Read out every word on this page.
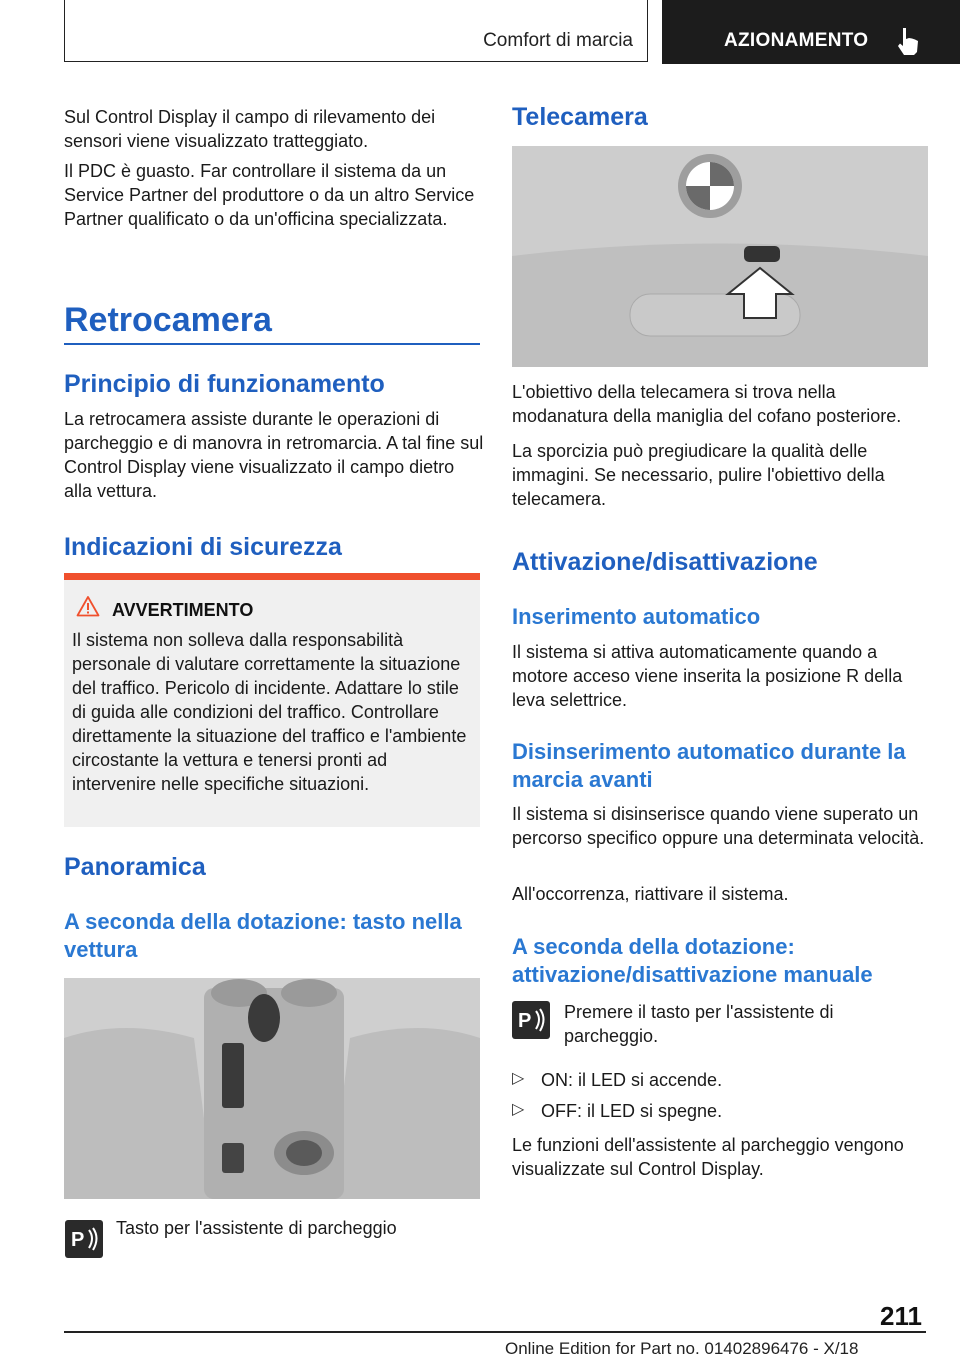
Comfort di marcia	AZIONAMENTO

Sul Control Display il campo di rilevamento dei sensori viene visualizzato tratteggiato.

Il PDC è guasto. Far controllare il sistema da un Service Partner del produttore o da un altro Service Partner qualificato o da un'officina specializzata.

Retrocamera
Principio di funzionamento

La retrocamera assiste durante le operazioni di parcheggio e di manovra in retromarcia. A tal fine sul Control Display viene visualizzato il campo dietro alla vettura.

Indicazioni di sicurezza
AVVERTIMENTO

Il sistema non solleva dalla responsabilità personale di valutare correttamente la situazione del traffico. Pericolo di incidente. Adattare lo stile di guida alle condizioni del traffico. Controllare direttamente la situazione del traffico e l'ambiente circostante la vettura e tenersi pronti ad intervenire nelle specifiche situazioni.

Panoramica
A seconda della dotazione: tasto nella vettura
P
Tasto per l'assistente di parcheggio
Telecamera

L'obiettivo della telecamera si trova nella modanatura della maniglia del cofano posteriore.

La sporcizia può pregiudicare la qualità delle immagini. Se necessario, pulire l'obiettivo della telecamera.

Attivazione/disattivazione
Inserimento automatico

Il sistema si attiva automaticamente quando a motore acceso viene inserita la posizione R della leva selettrice.

Disinserimento automatico durante la marcia avanti

Il sistema si disinserisce quando viene superato un percorso specifico oppure una determinata velocità.

All'occorrenza, riattivare il sistema.

A seconda della dotazione: attivazione/disattivazione manuale
P Premere il tasto per l'assistente di parcheggio.

▷ ON: il LED si accende.
▷ OFF: il LED si spegne.

Le funzioni dell'assistente al parcheggio vengono visualizzate sul Control Display.

211
Online Edition for Part no. 01402896476 - X/18
